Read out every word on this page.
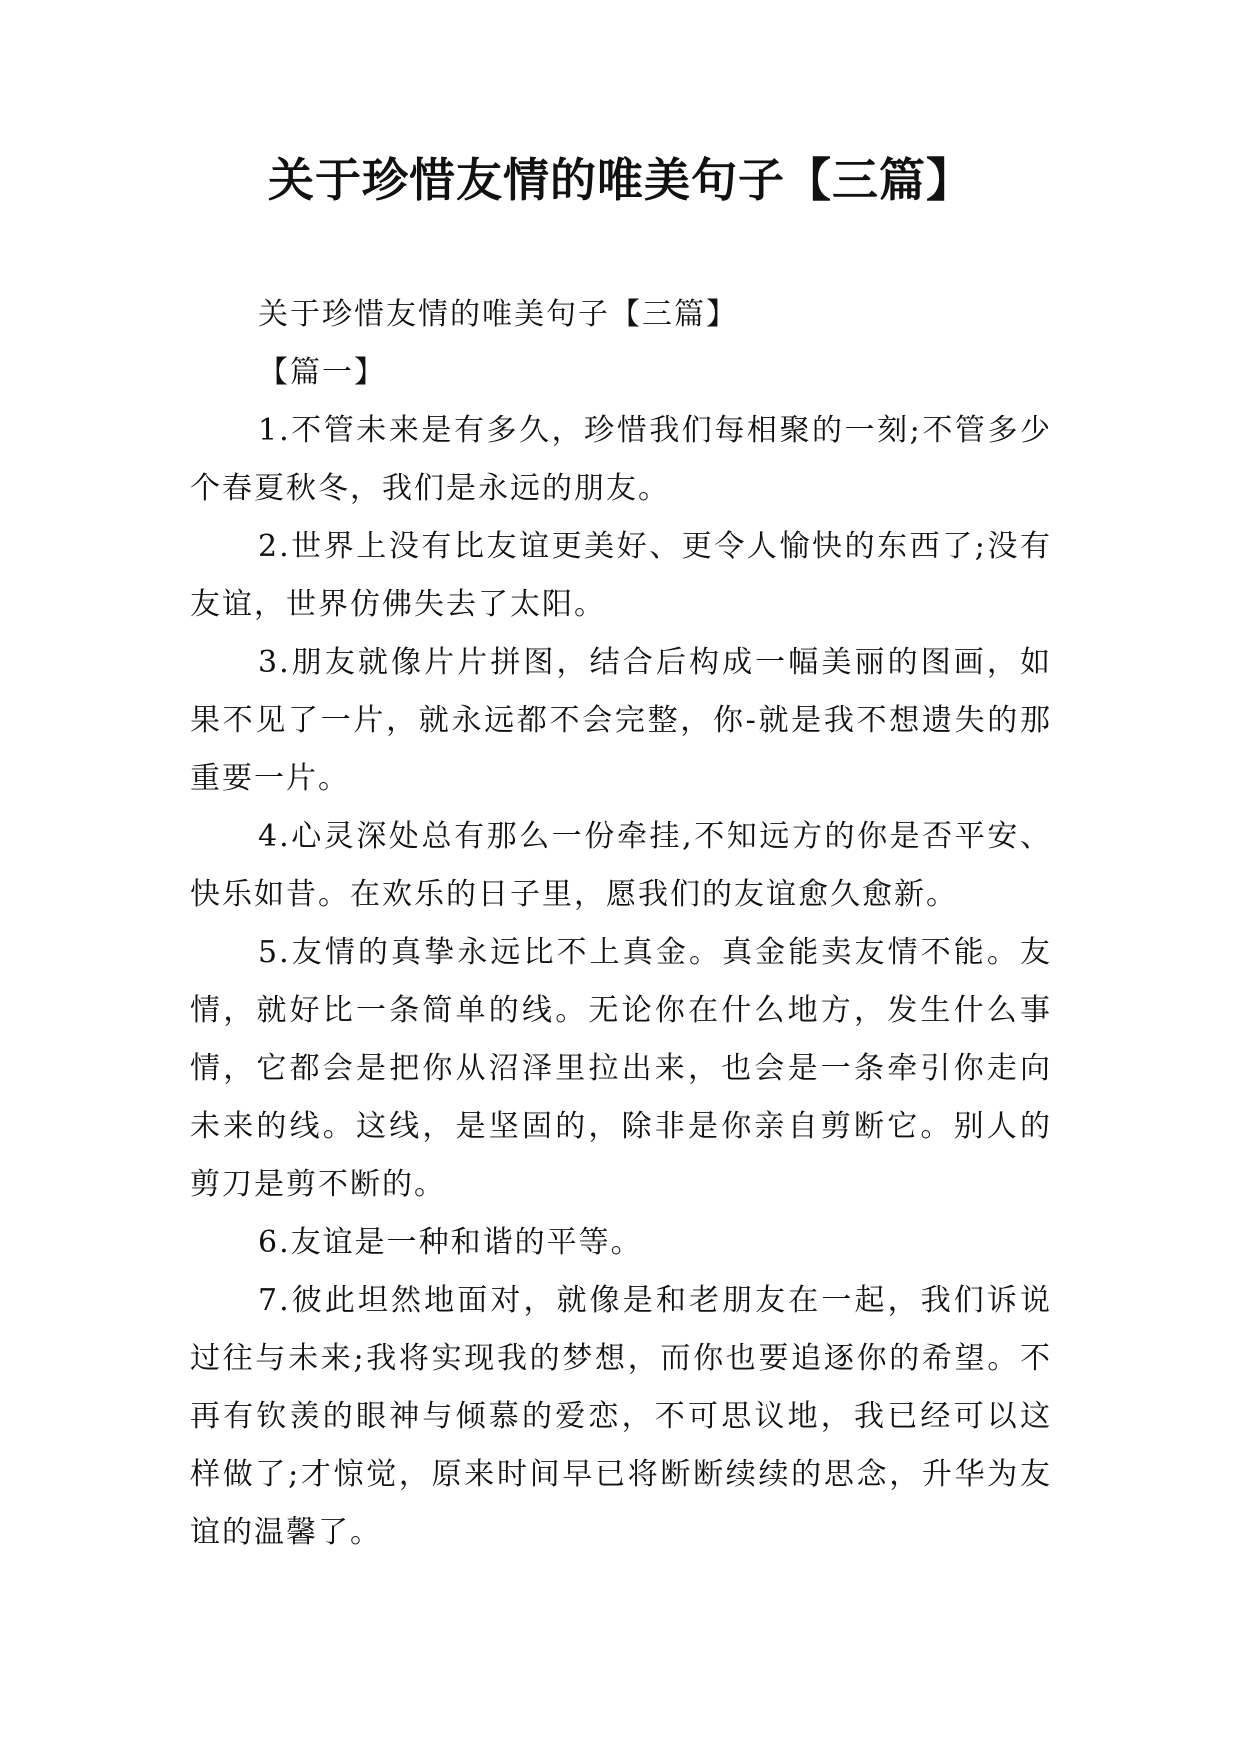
关于珍惜友情的唯美句子【三篇】

关于珍惜友情的唯美句子【三篇】

【篇一】

1.不管未来是有多久，珍惜我们每相聚的一刻;不管多少个春夏秋冬，我们是永远的朋友。

2.世界上没有比友谊更美好、更令人愉快的东西了;没有友谊，世界仿佛失去了太阳。

3.朋友就像片片拼图，结合后构成一幅美丽的图画，如果不见了一片，就永远都不会完整，你-就是我不想遗失的那重要一片。

4.心灵深处总有那么一份牵挂,不知远方的你是否平安、快乐如昔。在欢乐的日子里，愿我们的友谊愈久愈新。

5.友情的真挚永远比不上真金。真金能卖友情不能。友情，就好比一条简单的线。无论你在什么地方，发生什么事情，它都会是把你从沼泽里拉出来，也会是一条牵引你走向未来的线。这线，是坚固的，除非是你亲自剪断它。别人的剪刀是剪不断的。

6.友谊是一种和谐的平等。

7.彼此坦然地面对，就像是和老朋友在一起，我们诉说过往与未来;我将实现我的梦想，而你也要追逐你的希望。不再有钦羡的眼神与倾慕的爱恋，不可思议地，我已经可以这样做了;才惊觉，原来时间早已将断断续续的思念，升华为友谊的温馨了。
